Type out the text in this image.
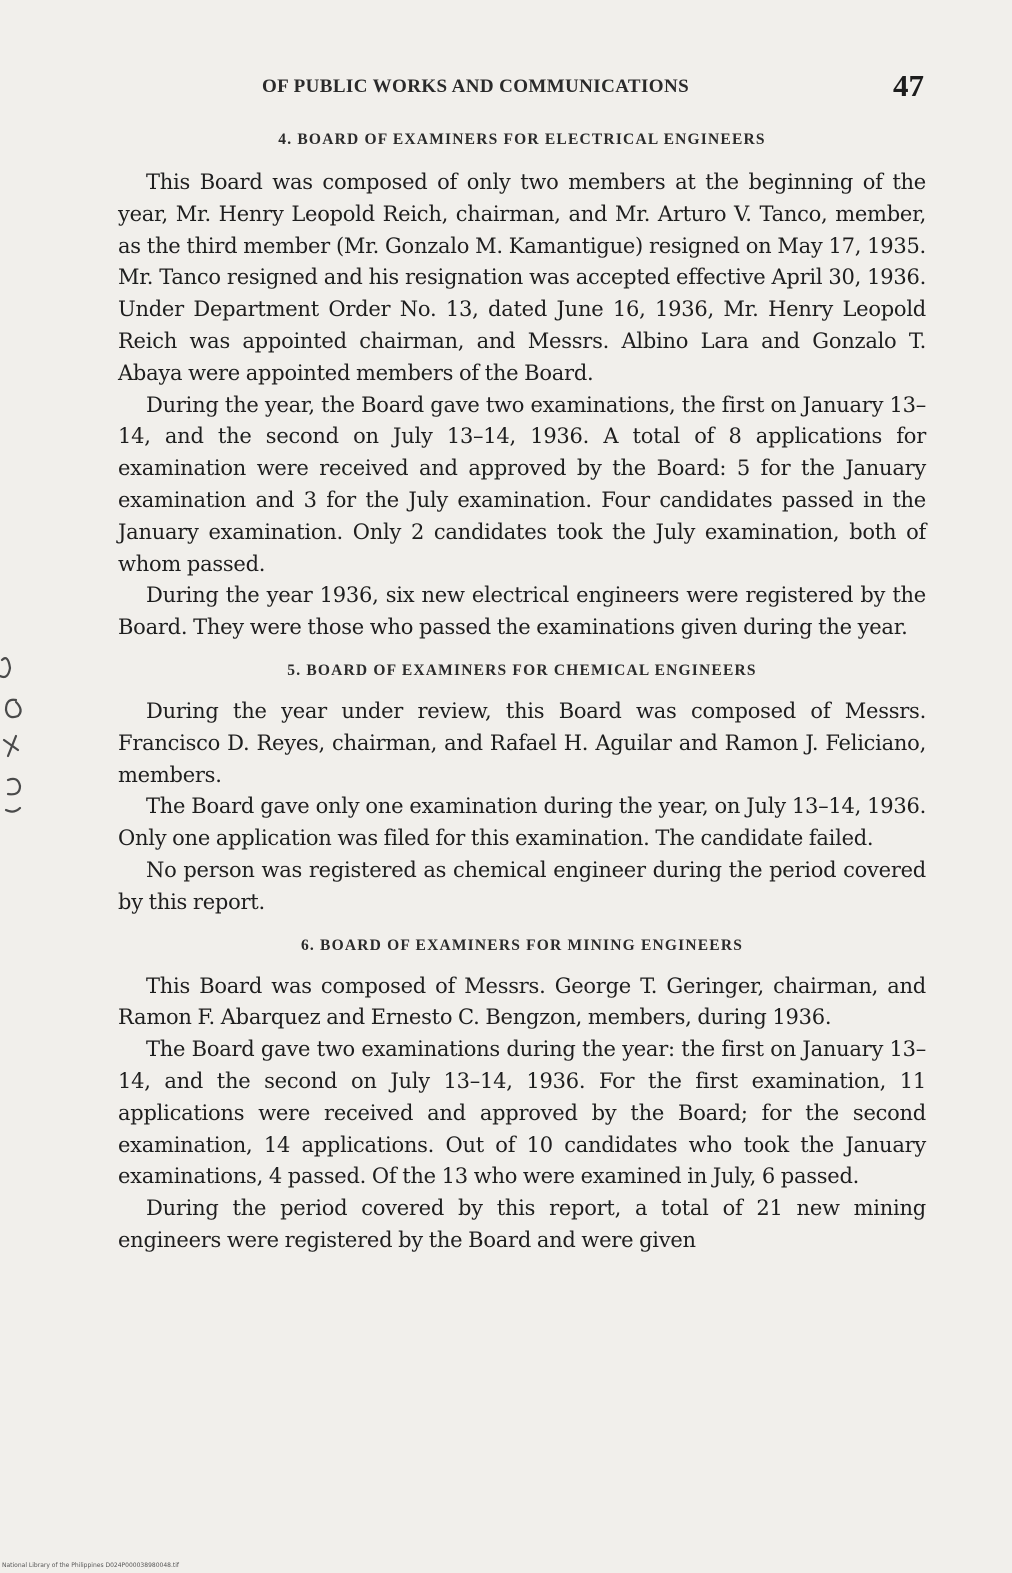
OF PUBLIC WORKS AND COMMUNICATIONS	47
4. BOARD OF EXAMINERS FOR ELECTRICAL ENGINEERS

This Board was composed of only two members at the beginning of the year, Mr. Henry Leopold Reich, chairman, and Mr. Arturo V. Tanco, member, as the third member (Mr. Gonzalo M. Kamantigue) resigned on May 17, 1935. Mr. Tanco resigned and his resignation was accepted effective April 30, 1936. Under Department Order No. 13, dated June 16, 1936, Mr. Henry Leopold Reich was appointed chairman, and Messrs. Albino Lara and Gonzalo T. Abaya were appointed members of the Board.

During the year, the Board gave two examinations, the first on January 13–14, and the second on July 13–14, 1936. A total of 8 applications for examination were received and approved by the Board: 5 for the January examination and 3 for the July examination. Four candidates passed in the January examination. Only 2 candidates took the July examination, both of whom passed.

During the year 1936, six new electrical engineers were registered by the Board. They were those who passed the examinations given during the year.

5. BOARD OF EXAMINERS FOR CHEMICAL ENGINEERS

During the year under review, this Board was composed of Messrs. Francisco D. Reyes, chairman, and Rafael H. Aguilar and Ramon J. Feliciano, members.

The Board gave only one examination during the year, on July 13–14, 1936. Only one application was filed for this examination. The candidate failed.

No person was registered as chemical engineer during the period covered by this report.

6. BOARD OF EXAMINERS FOR MINING ENGINEERS

This Board was composed of Messrs. George T. Geringer, chairman, and Ramon F. Abarquez and Ernesto C. Bengzon, members, during 1936.

The Board gave two examinations during the year: the first on January 13–14, and the second on July 13–14, 1936. For the first examination, 11 applications were received and approved by the Board; for the second examination, 14 applications. Out of 10 candidates who took the January examinations, 4 passed. Of the 13 who were examined in July, 6 passed.

During the period covered by this report, a total of 21 new mining engineers were registered by the Board and were given

National Library of the Philippines D024P000038980048.tif
